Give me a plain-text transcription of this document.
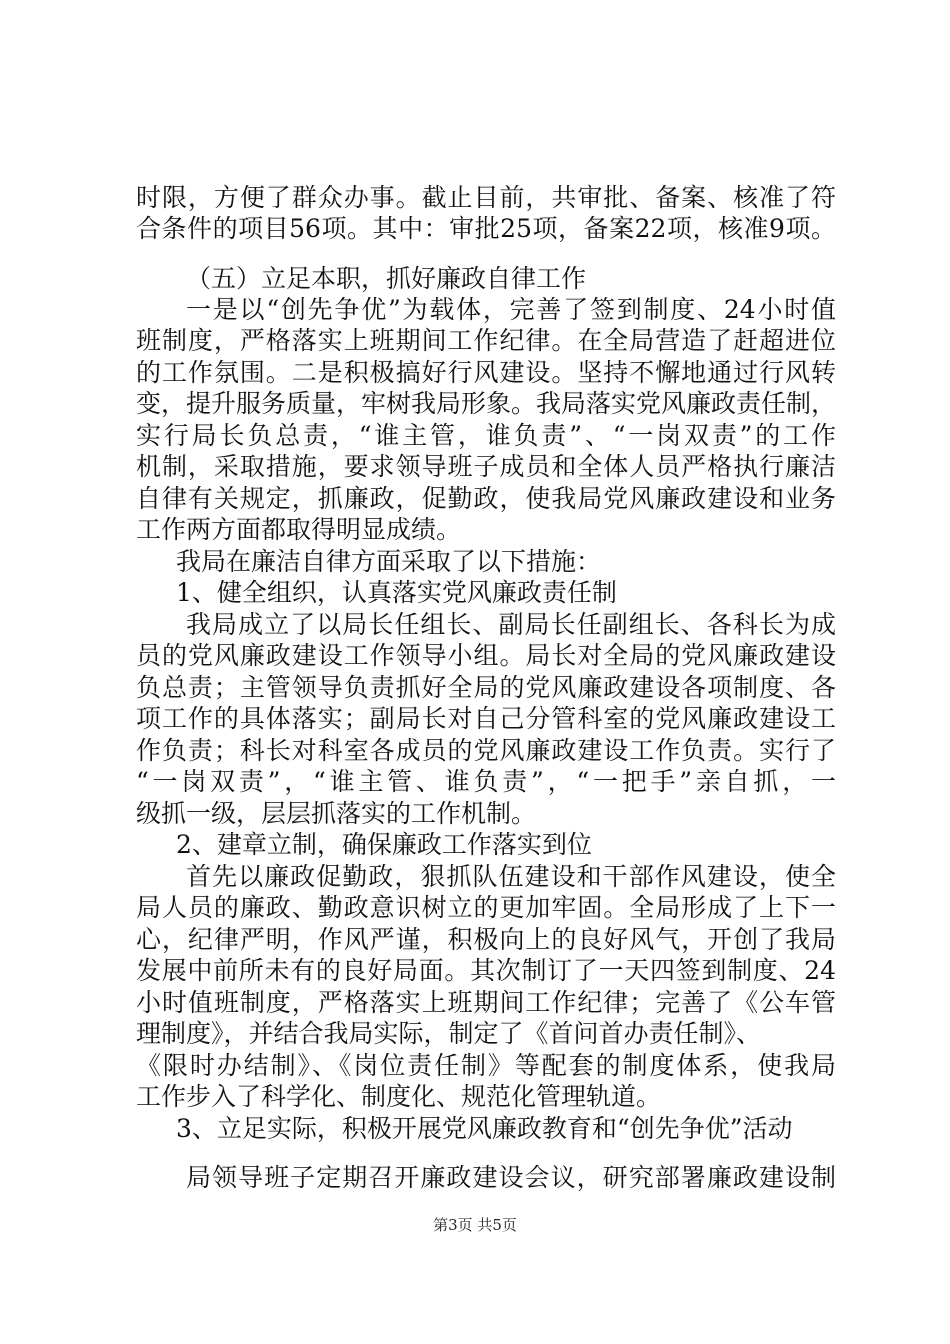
时限，方便了群众办事。截止目前，共审批、备案、核准了符
合条件的项目56项。其中：审批25项，备案22项，核准9项。
（五）立足本职，抓好廉政自律工作
一是以“创先争优”为载体，完善了签到制度、24小时值
班制度，严格落实上班期间工作纪律。在全局营造了赶超进位
的工作氛围。二是积极搞好行风建设。坚持不懈地通过行风转
变，提升服务质量，牢树我局形象。我局落实党风廉政责任制，
实行局长负总责，“谁主管，谁负责”、“一岗双责”的工作
机制，采取措施，要求领导班子成员和全体人员严格执行廉洁
自律有关规定，抓廉政，促勤政，使我局党风廉政建设和业务
工作两方面都取得明显成绩。
我局在廉洁自律方面采取了以下措施：
1、健全组织，认真落实党风廉政责任制
我局成立了以局长任组长、副局长任副组长、各科长为成
员的党风廉政建设工作领导小组。局长对全局的党风廉政建设
负总责；主管领导负责抓好全局的党风廉政建设各项制度、各
项工作的具体落实；副局长对自己分管科室的党风廉政建设工
作负责；科长对科室各成员的党风廉政建设工作负责。实行了
“一岗双责”，“谁主管、谁负责”，“一把手”亲自抓，一
级抓一级，层层抓落实的工作机制。
2、建章立制，确保廉政工作落实到位
首先以廉政促勤政，狠抓队伍建设和干部作风建设，使全
局人员的廉政、勤政意识树立的更加牢固。全局形成了上下一
心，纪律严明，作风严谨，积极向上的良好风气，开创了我局
发展中前所未有的良好局面。其次制订了一天四签到制度、24
小时值班制度，严格落实上班期间工作纪律；完善了《公车管
理制度》，并结合我局实际，制定了《首问首办责任制》、
《限时办结制》、《岗位责任制》等配套的制度体系，使我局
工作步入了科学化、制度化、规范化管理轨道。
3、立足实际，积极开展党风廉政教育和“创先争优”活动
局领导班子定期召开廉政建设会议，研究部署廉政建设制
第3页 共5页
